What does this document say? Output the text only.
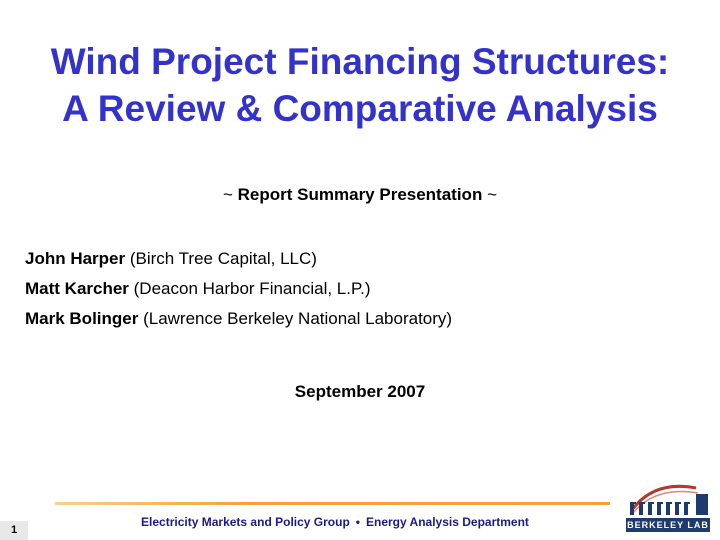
Wind Project Financing Structures:
A Review & Comparative Analysis
~ Report Summary Presentation ~
John Harper (Birch Tree Capital, LLC)
Matt Karcher (Deacon Harbor Financial, L.P.)
Mark Bolinger (Lawrence Berkeley National Laboratory)
September 2007
Electricity Markets and Policy Group • Energy Analysis Department
1	BERKELEY LAB
